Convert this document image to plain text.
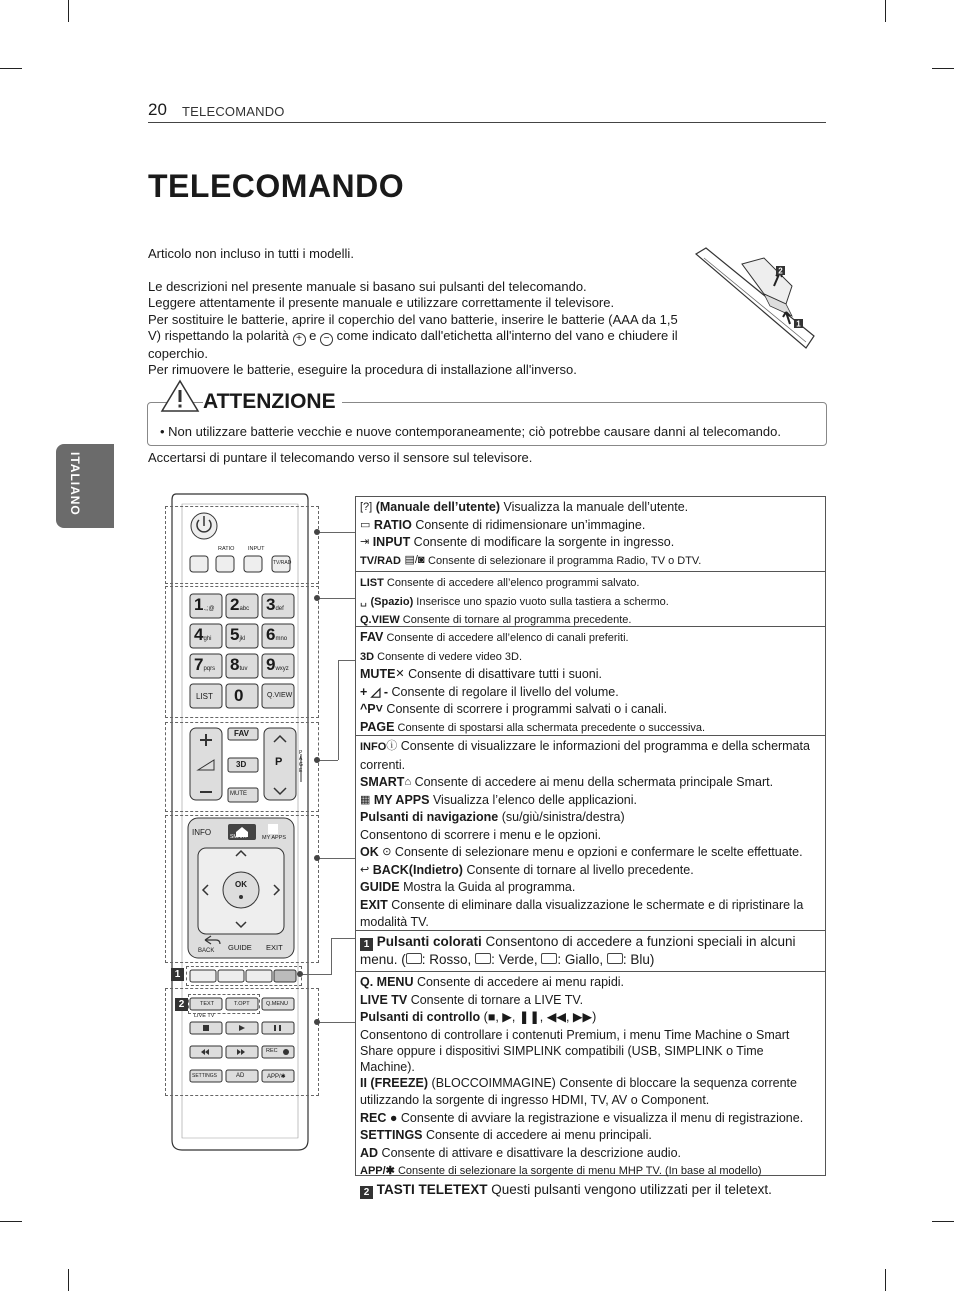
20 TELECOMANDO
TELECOMANDO
ITALIANO

Articolo non incluso in tutti i modelli.

Le descrizioni nel presente manuale si basano sui pulsanti del telecomando.

Leggere attentamente il presente manuale e utilizzare correttamente il televisore.

Per sostituire le batterie, aprire il coperchio del vano batterie, inserire le batterie (AAA da 1,5 V) rispettando la polarità + e − come indicato dall'etichetta all'interno del vano e chiudere il coperchio.

Per rimuovere le batterie, eseguire la procedura di installazione all'inverso.

2
1
ATTENZIONE
• Non utilizzare batterie vecchie e nuove contemporaneamente; ciò potrebbe causare danni al telecomando.
Accertarsi di puntare il telecomando verso il sensore sul televisore.
RATIO INPUT
TV/RAD
1.,;@ 2abc 3def
4ghi 5jkl 6mno
7pqrs 8tuv 9wxyz
LIST 0	Q.VIEW
FAV
3D
MUTE
P
PAGE
INFO	SMART	MY APPS
OK
BACK GUIDE EXIT
TEXT	T.OPT	Q.MENU
LIVE TV
REC
SETTINGS	AD	APP/✱
1
2
[?] (Manuale dell’utente) Visualizza la manuale dell’utente.
▭ RATIO Consente di ridimensionare un’immagine.
⇥ INPUT Consente di modificare la sorgente in ingresso.
TV/RAD ▤/◙ Consente di selezionare il programma Radio, TV o DTV.
LIST Consente di accedere all’elenco programmi salvato.
␣ (Spazio) Inserisce uno spazio vuoto sulla tastiera a schermo.
Q.VIEW Consente di tornare al programma precedente.
FAV Consente di accedere all’elenco di canali preferiti.
3D Consente di vedere video 3D.
MUTE✕ Consente di disattivare tutti i suoni.
+ ◿ - Consente di regolare il livello del volume.
^P˅ Consente di scorrere i programmi salvati o i canali.
PAGE Consente di spostarsi alla schermata precedente o successiva.
INFOⓘ Consente di visualizzare le informazioni del programma e della schermata correnti.
SMART⌂ Consente di accedere ai menu della schermata principale Smart.
▦ MY APPS Visualizza l’elenco delle applicazioni.
Pulsanti di navigazione (su/giù/sinistra/destra)
Consentono di scorrere i menu e le opzioni.
OK ⊙ Consente di selezionare menu e opzioni e confermare le scelte effettuate.
↩ BACK(Indietro) Consente di tornare al livello precedente.
GUIDE Mostra la Guida al programma.
EXIT Consente di eliminare dalla visualizzazione le schermate e di ripristinare la modalità TV.
1 Pulsanti colorati Consentono di accedere a funzioni speciali in alcuni menu. ( : Rosso, : Verde, : Giallo, : Blu)
Q. MENU Consente di accedere ai menu rapidi.
LIVE TV Consente di tornare a LIVE TV.
Pulsanti di controllo (■, ▶, ❚❚, ◀◀, ▶▶)
Consentono di controllare i contenuti Premium, i menu Time Machine o Smart Share oppure i dispositivi SIMPLINK compatibili (USB, SIMPLINK o Time Machine).
II (FREEZE) (BLOCCOIMMAGINE) Consente di bloccare la sequenza corrente utilizzando la sorgente di ingresso HDMI, TV, AV o Component.
REC ● Consente di avviare la registrazione e visualizza il menu di registrazione.
SETTINGS Consente di accedere ai menu principali.
AD Consente di attivare e disattivare la descrizione audio.
APP/✱ Consente di selezionare la sorgente di menu MHP TV. (In base al modello)
2 TASTI TELETEXT Questi pulsanti vengono utilizzati per il teletext.
